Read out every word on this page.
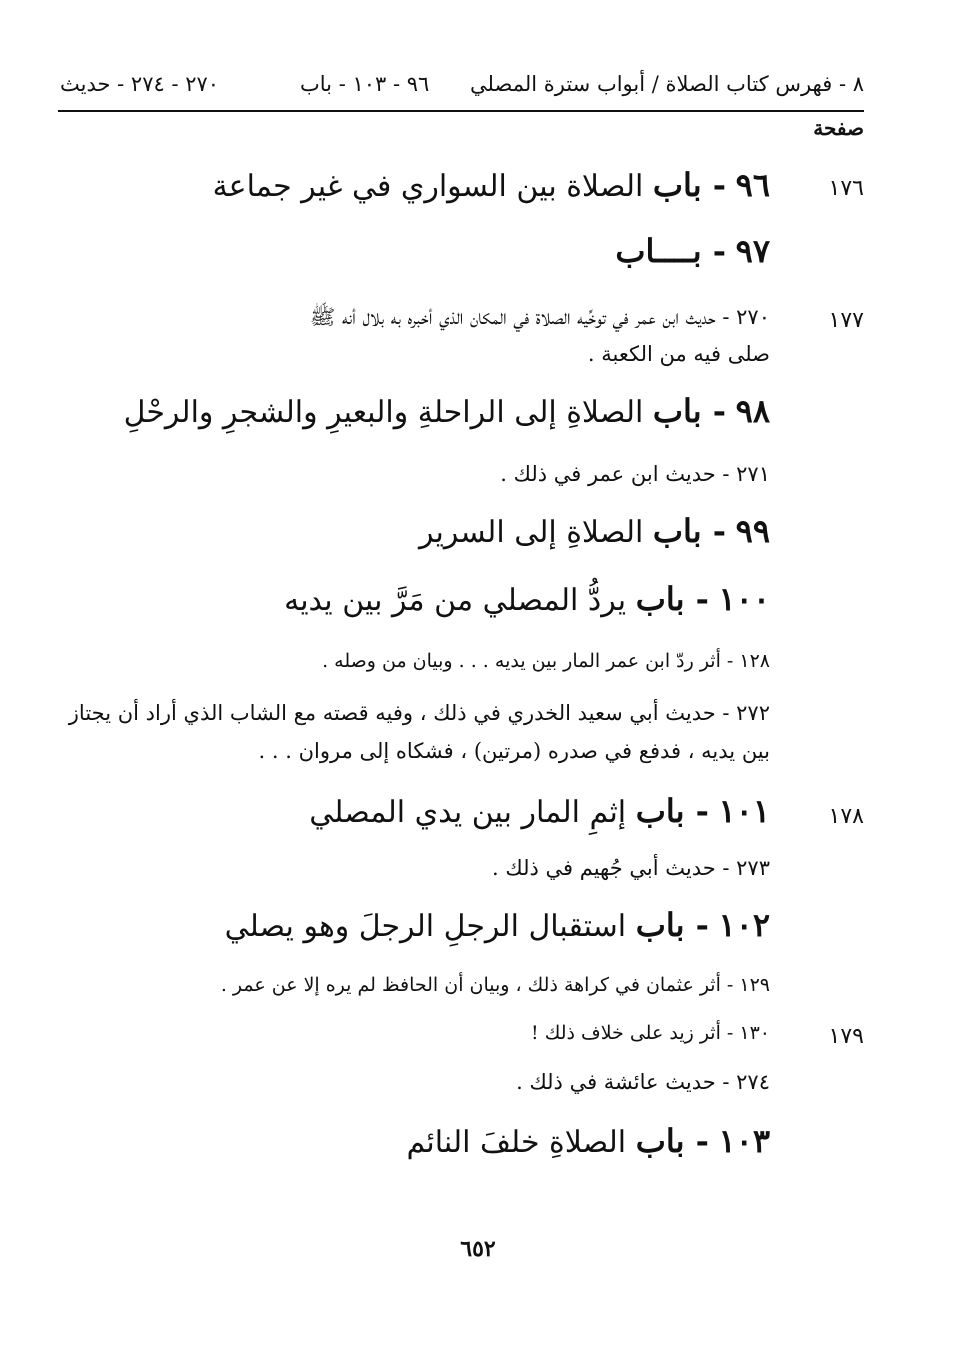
٨ - فهرس كتاب الصلاة / أبواب سترة المصلي
٩٦ - ١٠٣ - باب
٢٧٠ - ٢٧٤ - حديث
صفحة
١٧٦
٩٦ - باب الصلاة بين السواري في غير جماعة
٩٧ - بــــاب
١٧٧
٢٧٠ - حديث ابن عمر في توخِّيه الصلاة في المكان الذي أخبره به بلال أنه ﷺ
صلى فيه من الكعبة .
٩٨ - باب الصلاةِ إلى الراحلةِ والبعيرِ والشجرِ والرحْلِ
٢٧١ - حديث ابن عمر في ذلك .
٩٩ - باب الصلاةِ إلى السرير
١٠٠ - باب يردُّ المصلي من مَرَّ بين يديه
١٢٨ - أثر ردّ ابن عمر المار بين يديه . . . وبيان من وصله .
٢٧٢ - حديث أبي سعيد الخدري في ذلك ، وفيه قصته مع الشاب الذي أراد أن يجتاز بين يديه ، فدفع في صدره (مرتين) ، فشكاه إلى مروان . . .
١٧٨
١٠١ - باب إثمِ المار بين يدي المصلي
٢٧٣ - حديث أبي جُهيم في ذلك .
١٠٢ - باب استقبال الرجلِ الرجلَ وهو يصلي
١٢٩ - أثر عثمان في كراهة ذلك ، وبيان أن الحافظ لم يره إلا عن عمر .
١٧٩
١٣٠ - أثر زيد على خلاف ذلك !
٢٧٤ - حديث عائشة في ذلك .
١٠٣ - باب الصلاةِ خلفَ النائم
٦٥٢
